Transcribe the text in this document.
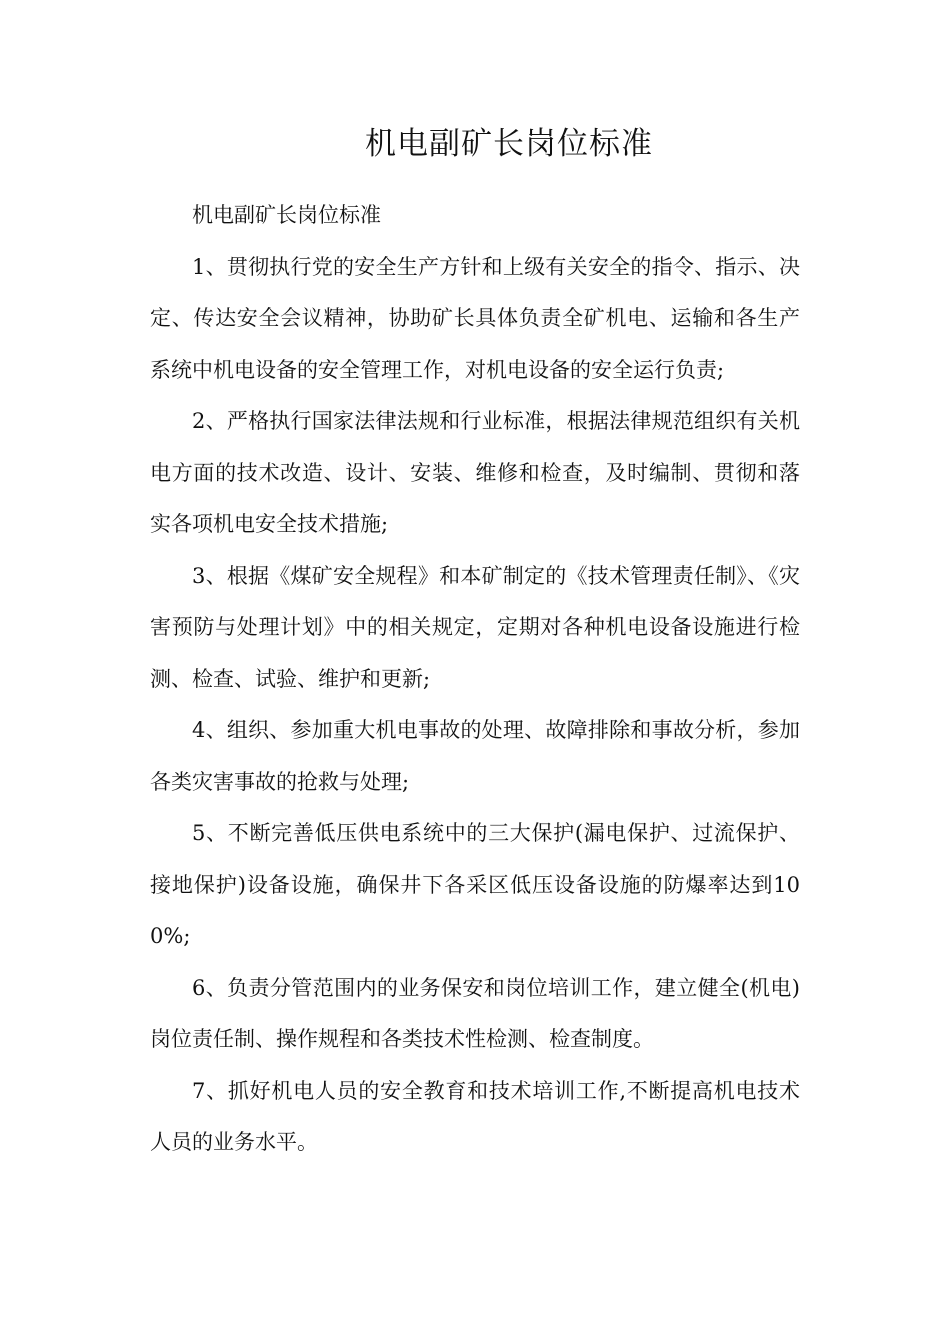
机电副矿长岗位标准

机电副矿长岗位标准

1、贯彻执行党的安全生产方针和上级有关安全的指令、指示、决定、传达安全会议精神，协助矿长具体负责全矿机电、运输和各生产系统中机电设备的安全管理工作，对机电设备的安全运行负责;

2、严格执行国家法律法规和行业标准，根据法律规范组织有关机电方面的技术改造、设计、安装、维修和检查，及时编制、贯彻和落实各项机电安全技术措施;

3、根据《煤矿安全规程》和本矿制定的《技术管理责任制》、《灾害预防与处理计划》中的相关规定，定期对各种机电设备设施进行检测、检查、试验、维护和更新;

4、组织、参加重大机电事故的处理、故障排除和事故分析，参加各类灾害事故的抢救与处理;

5、不断完善低压供电系统中的三大保护(漏电保护、过流保护、接地保护)设备设施，确保井下各采区低压设备设施的防爆率达到100%;

6、负责分管范围内的业务保安和岗位培训工作，建立健全(机电)岗位责任制、操作规程和各类技术性检测、检查制度。

7、抓好机电人员的安全教育和技术培训工作,不断提高机电技术人员的业务水平。
